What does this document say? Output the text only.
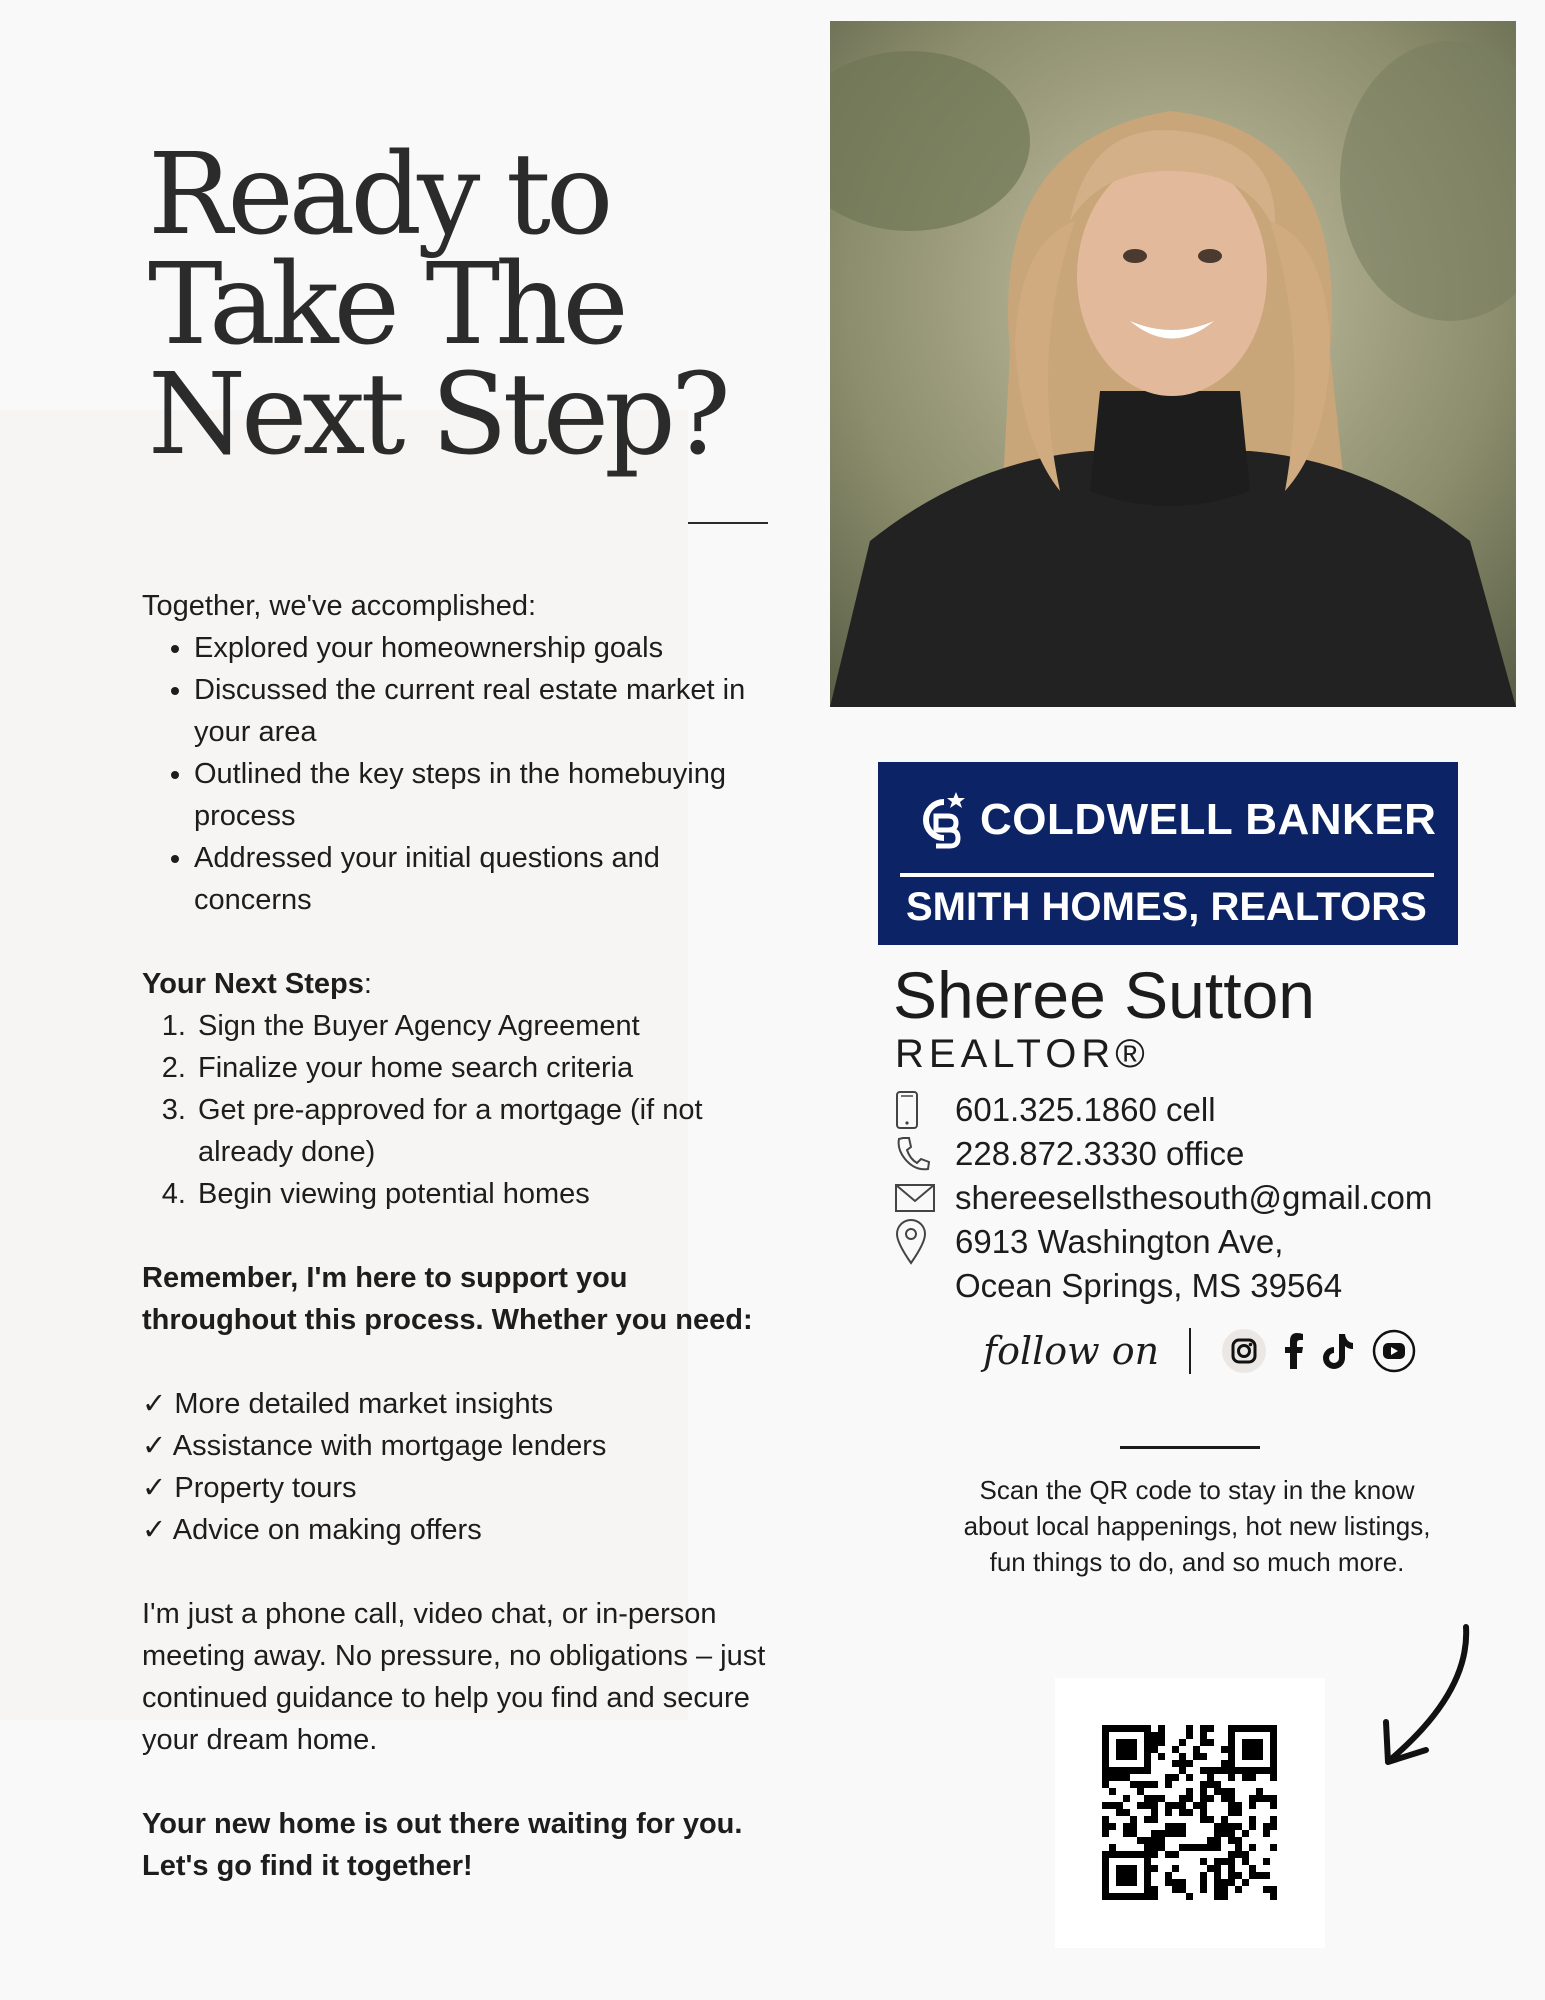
Ready to
Take The
Next Step?

Together, we've accomplished:

• Explored your homeownership goals
• Discussed the current real estate market in your area
• Outlined the key steps in the homebuying process
• Addressed your initial questions and concerns

Your Next Steps:

1. Sign the Buyer Agency Agreement
2. Finalize your home search criteria
3. Get pre-approved for a mortgage (if not already done)
4. Begin viewing potential homes

Remember, I'm here to support you throughout this process. Whether you need:

✓ More detailed market insights

✓ Assistance with mortgage lenders

✓ Property tours

✓ Advice on making offers

I'm just a phone call, video chat, or in-person meeting away. No pressure, no obligations – just continued guidance to help you find and secure your dream home.

Your new home is out there waiting for you. Let's go find it together!

COLDWELL BANKER
SMITH HOMES, REALTORS
Sheree Sutton
REALTOR®
601.325.1860 cell
228.872.3330 office
shereesellsthesouth@gmail.com
6913 Washington Ave,
Ocean Springs, MS 39564
follow on
Scan the QR code to stay in the know about local happenings, hot new listings, fun things to do, and so much more.
